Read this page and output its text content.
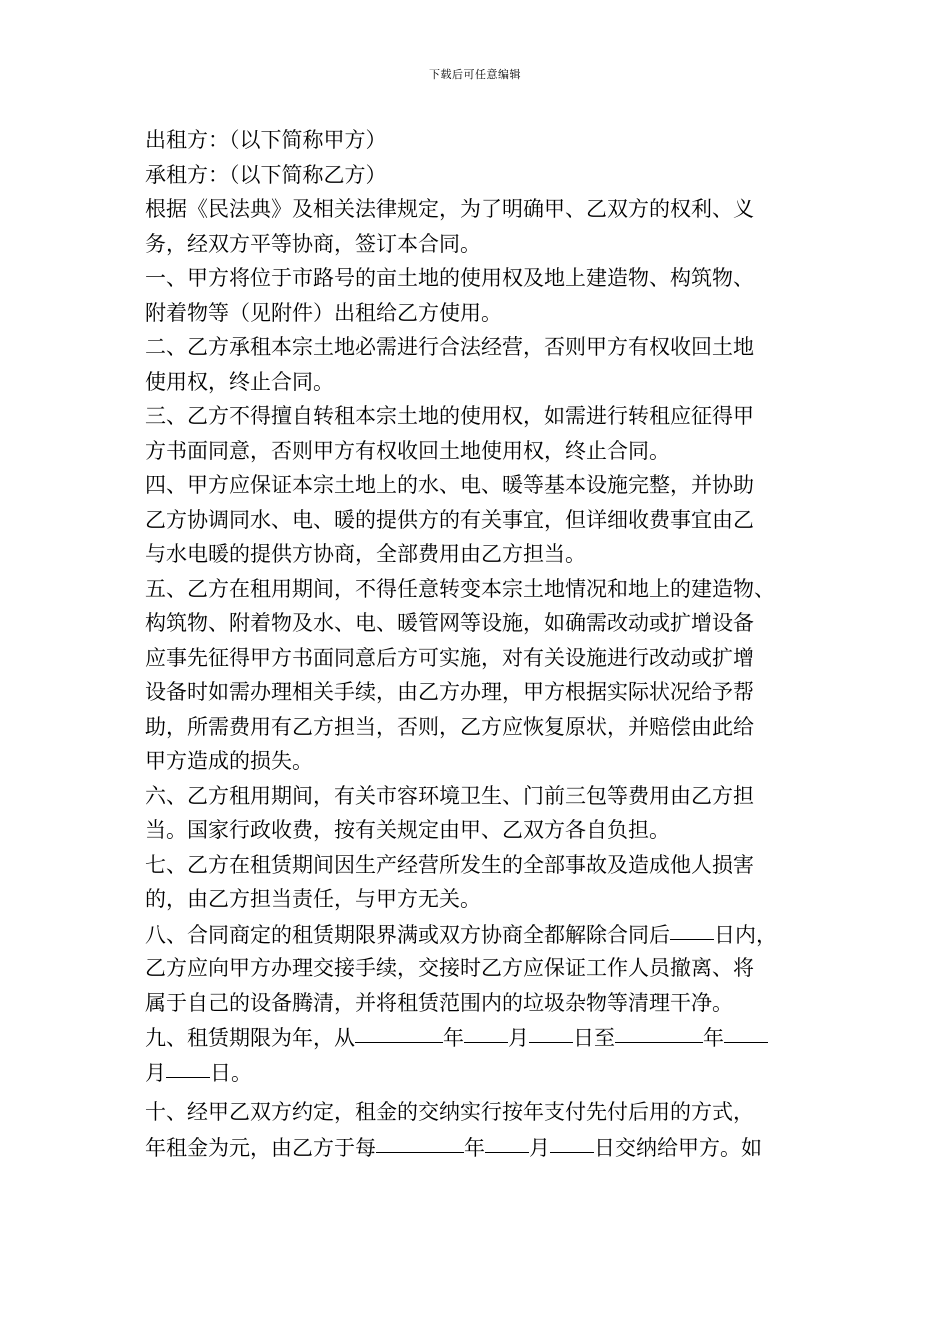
下载后可任意编辑
出租方：（以下简称甲方）
承租方：（以下简称乙方）
根据《民法典》及相关法律规定，为了明确甲、乙双方的权利、义
务，经双方平等协商，签订本合同。
一、甲方将位于市路号的亩土地的使用权及地上建造物、构筑物、
附着物等（见附件）出租给乙方使用。
二、乙方承租本宗土地必需进行合法经营，否则甲方有权收回土地
使用权，终止合同。
三、乙方不得擅自转租本宗土地的使用权，如需进行转租应征得甲
方书面同意，否则甲方有权收回土地使用权，终止合同。
四、甲方应保证本宗土地上的水、电、暖等基本设施完整，并协助
乙方协调同水、电、暖的提供方的有关事宜，但详细收费事宜由乙
与水电暖的提供方协商，全部费用由乙方担当。
五、乙方在租用期间，不得任意转变本宗土地情况和地上的建造物、
构筑物、附着物及水、电、暖管网等设施，如确需改动或扩增设备
应事先征得甲方书面同意后方可实施，对有关设施进行改动或扩增
设备时如需办理相关手续，由乙方办理，甲方根据实际状况给予帮
助，所需费用有乙方担当，否则，乙方应恢复原状，并赔偿由此给
甲方造成的损失。
六、乙方租用期间，有关市容环境卫生、门前三包等费用由乙方担
当。国家行政收费，按有关规定由甲、乙双方各自负担。
七、乙方在租赁期间因生产经营所发生的全部事故及造成他人损害
的，由乙方担当责任，与甲方无关。
八、合同商定的租赁期限界满或双方协商全都解除合同后 日内，
乙方应向甲方办理交接手续，交接时乙方应保证工作人员撤离、将
属于自己的设备腾清，并将租赁范围内的垃圾杂物等清理干净。
九、租赁期限为年，从	年 月 日至	年
月 日。
十、经甲乙双方约定，租金的交纳实行按年支付先付后用的方式，
年租金为元，由乙方于每	年 月 日交纳给甲方。如
